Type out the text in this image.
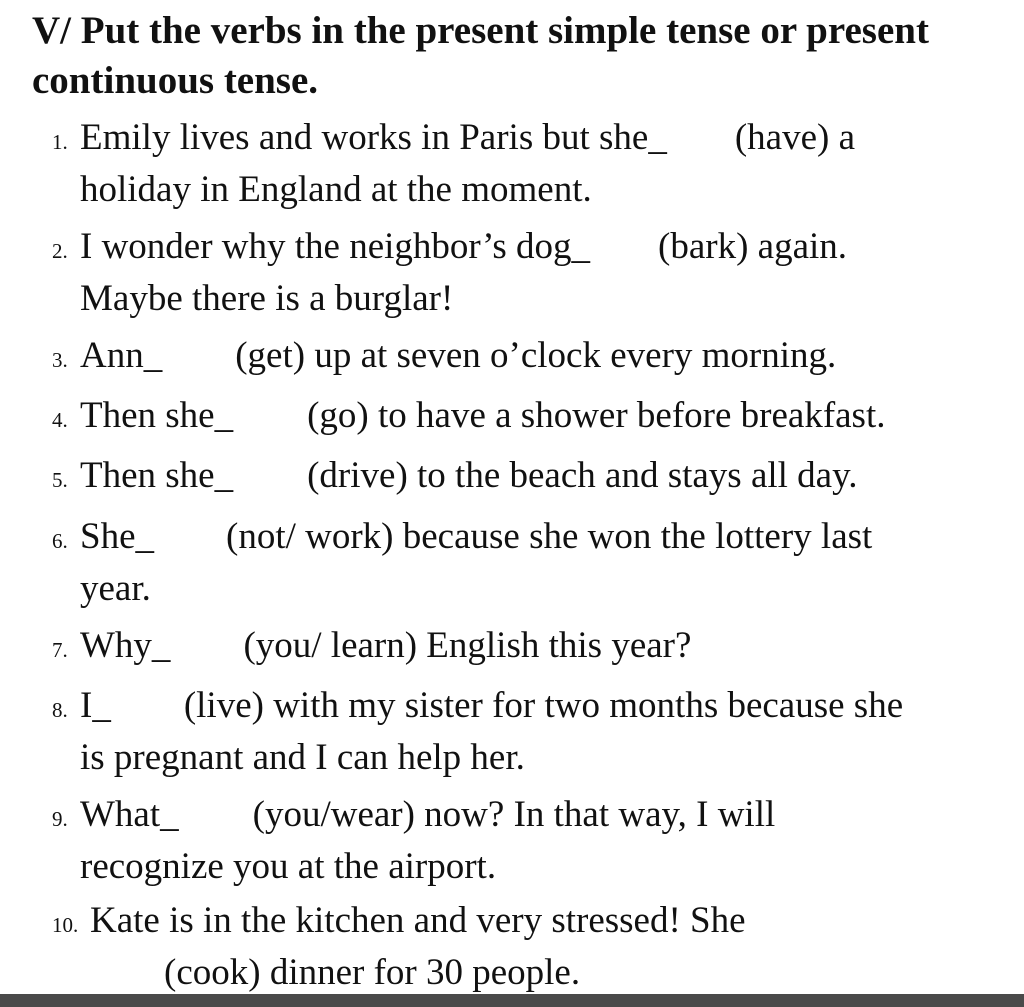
V/ Put the verbs in the present simple tense or present
continuous tense.
1. Emily lives and works in Paris but she_ (have) a
holiday in England at the moment.
2. I wonder why the neighbor’s dog_ (bark) again.
Maybe there is a burglar!
3. Ann_ (get) up at seven o’clock every morning.
4. Then she_ (go) to have a shower before breakfast.
5. Then she_ (drive) to the beach and stays all day.
6. She_ (not/ work) because she won the lottery last
year.
7. Why_ (you/ learn) English this year?
8. I_ (live) with my sister for two months because she
is pregnant and I can help her.
9. What_ (you/wear) now? In that way, I will
recognize you at the airport.
10. Kate is in the kitchen and very stressed! She
(cook) dinner for 30 people.
